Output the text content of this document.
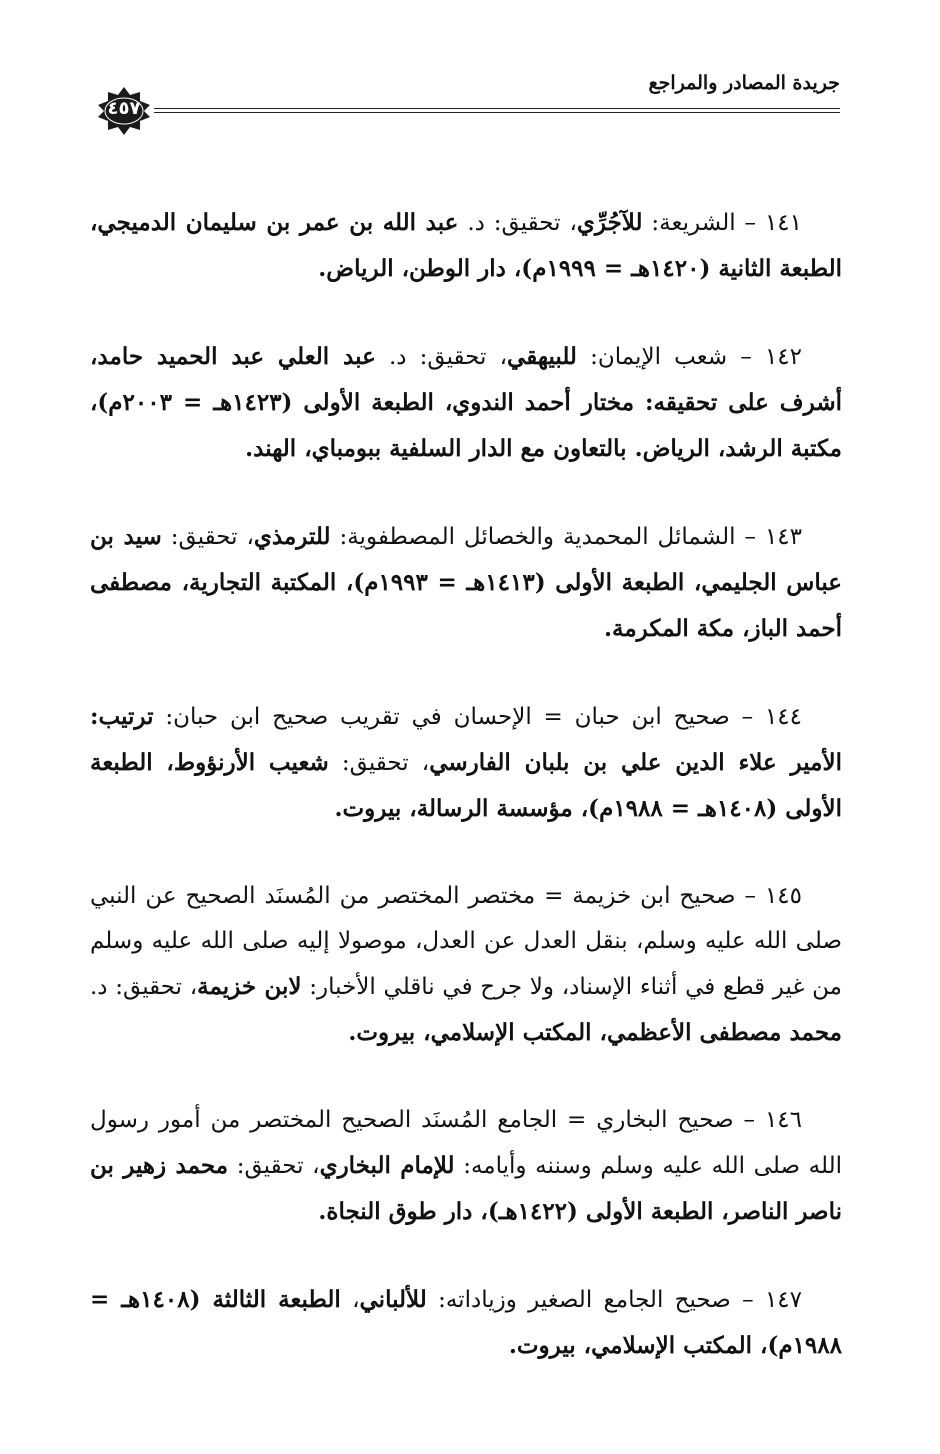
جريدة المصادر والمراجع
٤٥٧

١٤١ – الشريعة: للآجُرِّي، تحقيق: د. عبد الله بن عمر بن سليمان الدميجي، الطبعة الثانية (١٤٢٠هـ = ١٩٩٩م)، دار الوطن، الرياض.

١٤٢ – شعب الإيمان: للبيهقي، تحقيق: د. عبد العلي عبد الحميد حامد، أشرف على تحقيقه: مختار أحمد الندوي، الطبعة الأولى (١٤٢٣هـ = ٢٠٠٣م)، مكتبة الرشد، الرياض. بالتعاون مع الدار السلفية ببومباي، الهند.

١٤٣ – الشمائل المحمدية والخصائل المصطفوية: للترمذي، تحقيق: سيد بن عباس الجليمي، الطبعة الأولى (١٤١٣هـ = ١٩٩٣م)، المكتبة التجارية، مصطفى أحمد الباز، مكة المكرمة.

١٤٤ – صحيح ابن حبان = الإحسان في تقريب صحيح ابن حبان: ترتيب: الأمير علاء الدين علي بن بلبان الفارسي، تحقيق: شعيب الأرنؤوط، الطبعة الأولى (١٤٠٨هـ = ١٩٨٨م)، مؤسسة الرسالة، بيروت.

١٤٥ – صحيح ابن خزيمة = مختصر المختصر من المُسنَد الصحيح عن النبي صلى الله عليه وسلم، بنقل العدل عن العدل، موصولا إليه صلى الله عليه وسلم من غير قطع في أثناء الإسناد، ولا جرح في ناقلي الأخبار: لابن خزيمة، تحقيق: د. محمد مصطفى الأعظمي، المكتب الإسلامي، بيروت.

١٤٦ – صحيح البخاري = الجامع المُسنَد الصحيح المختصر من أمور رسول الله صلى الله عليه وسلم وسننه وأيامه: للإمام البخاري، تحقيق: محمد زهير بن ناصر الناصر، الطبعة الأولى (١٤٢٢هـ)، دار طوق النجاة.

١٤٧ – صحيح الجامع الصغير وزياداته: للألباني، الطبعة الثالثة (١٤٠٨هـ = ١٩٨٨م)، المكتب الإسلامي، بيروت.
